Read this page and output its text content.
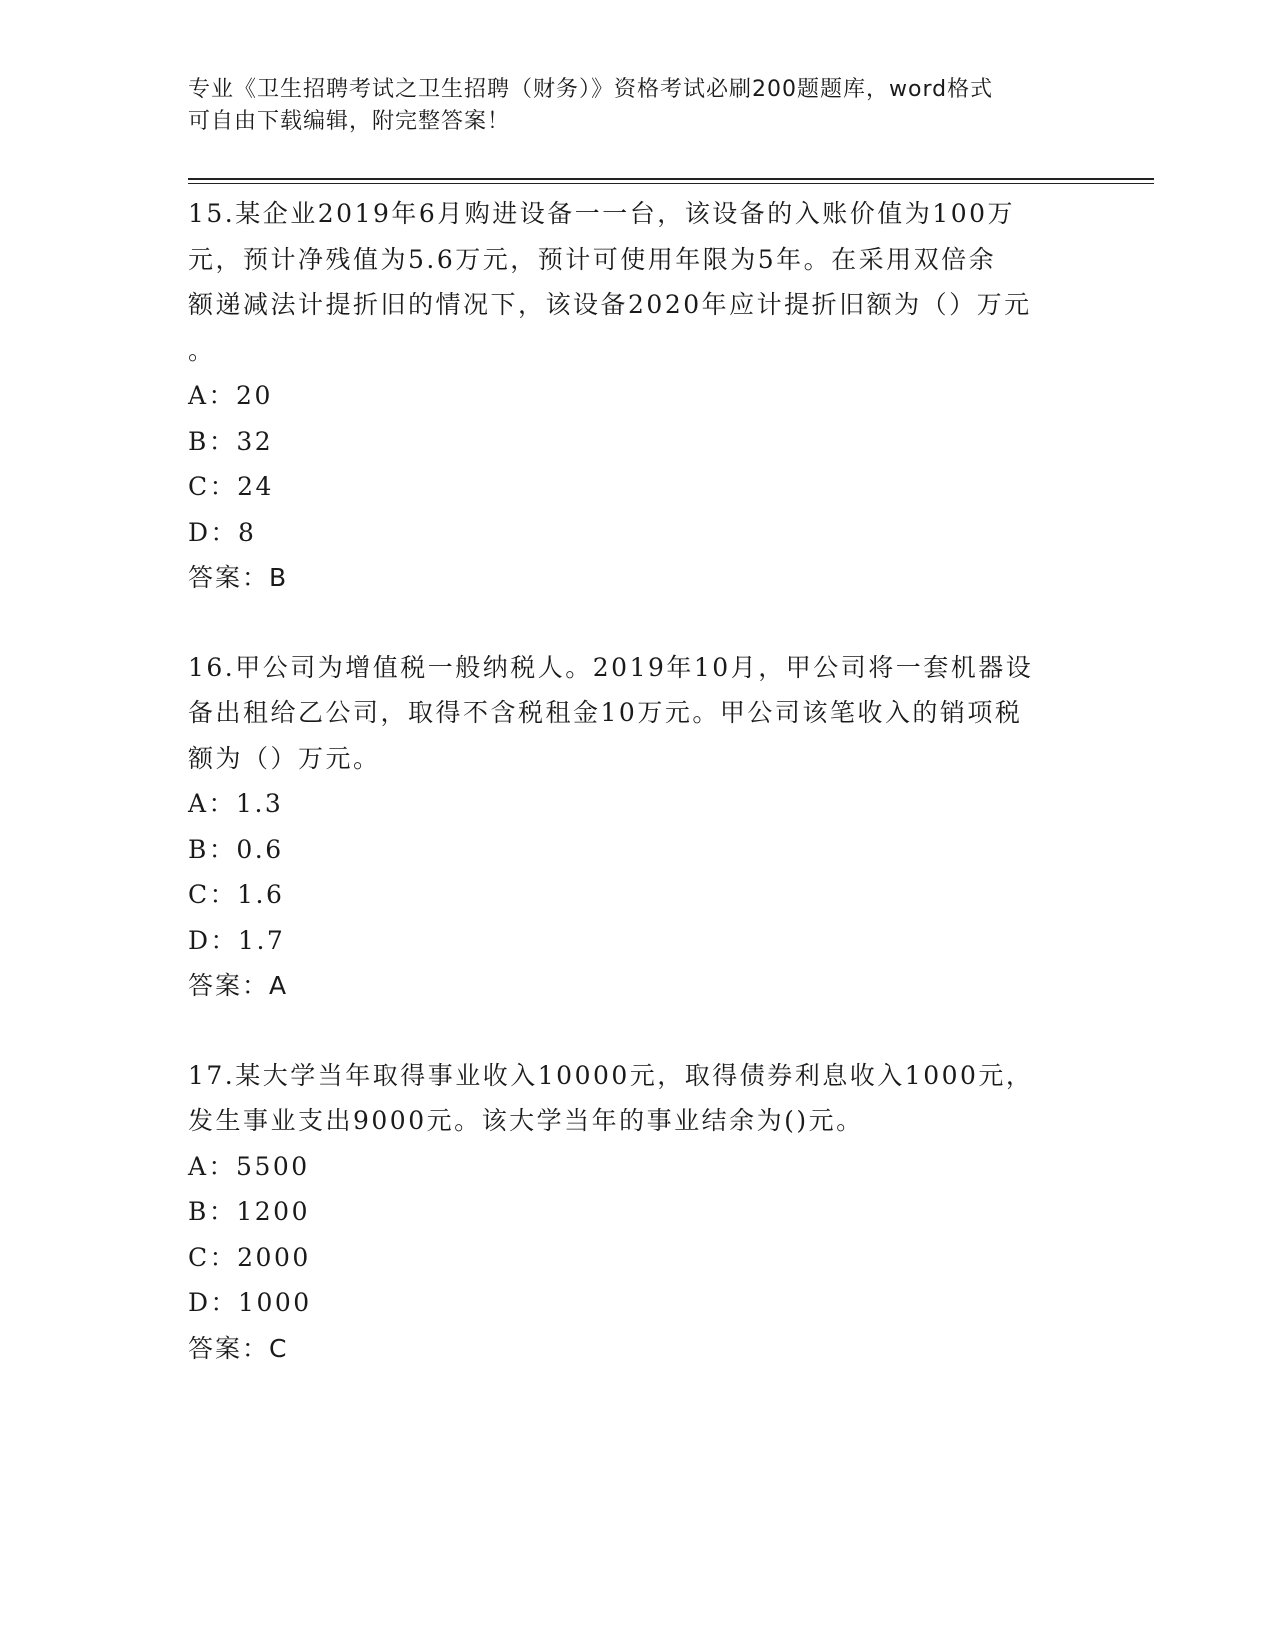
专业《卫生招聘考试之卫生招聘（财务）》资格考试必刷200题题库，word格式
可自由下载编辑，附完整答案！

15.某企业2019年6月购进设备一一台，该设备的入账价值为100万

元，预计净残值为5.6万元，预计可使用年限为5年。在采用双倍余

额递减法计提折旧的情况下，该设备2020年应计提折旧额为（）万元

。

A：20

B：32

C：24

D：8

答案：B

16.甲公司为增值税一般纳税人。2019年10月，甲公司将一套机器设

备出租给乙公司，取得不含税租金10万元。甲公司该笔收入的销项税

额为（）万元。

A：1.3

B：0.6

C：1.6

D：1.7

答案：A

17.某大学当年取得事业收入10000元，取得债券利息收入1000元，

发生事业支出9000元。该大学当年的事业结余为()元。

A：5500

B：1200

C：2000

D：1000

答案：C
